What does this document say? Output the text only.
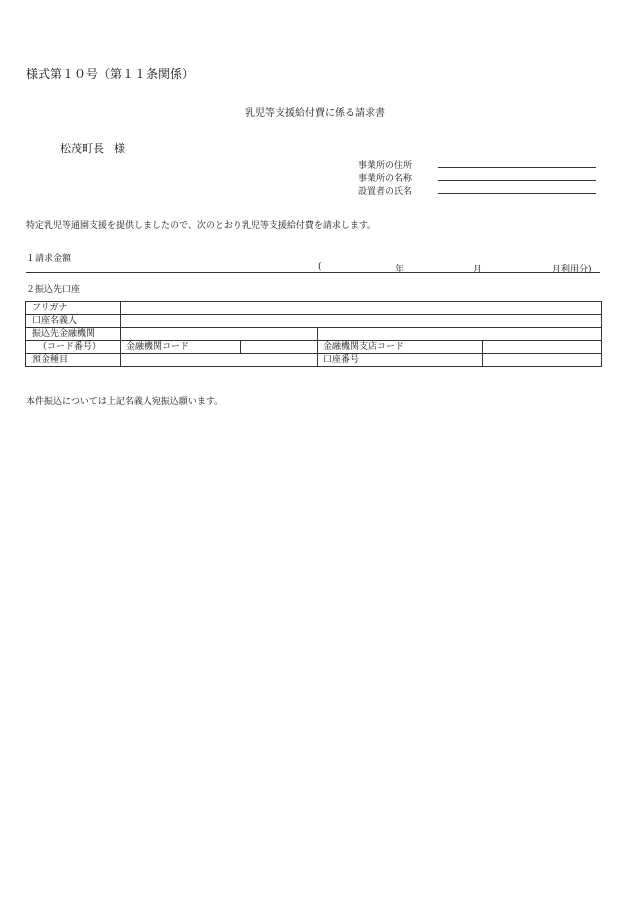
様式第１０号（第１１条関係）
乳児等支援給付費に係る請求書
松茂町長 様
事業所の住所
事業所の名称
設置者の氏名
特定乳児等通園支援を提供しましたので、次のとおり乳児等支援給付費を請求します。
１請求金額
(	年	月	月利用分)
２振込先口座
フリガナ				
口座名義人				
振込先金融機関				
（コード番号）	金融機関コード		金融機関支店コード	
預金種目			口座番号	
本件振込については上記名義人宛振込願います。
